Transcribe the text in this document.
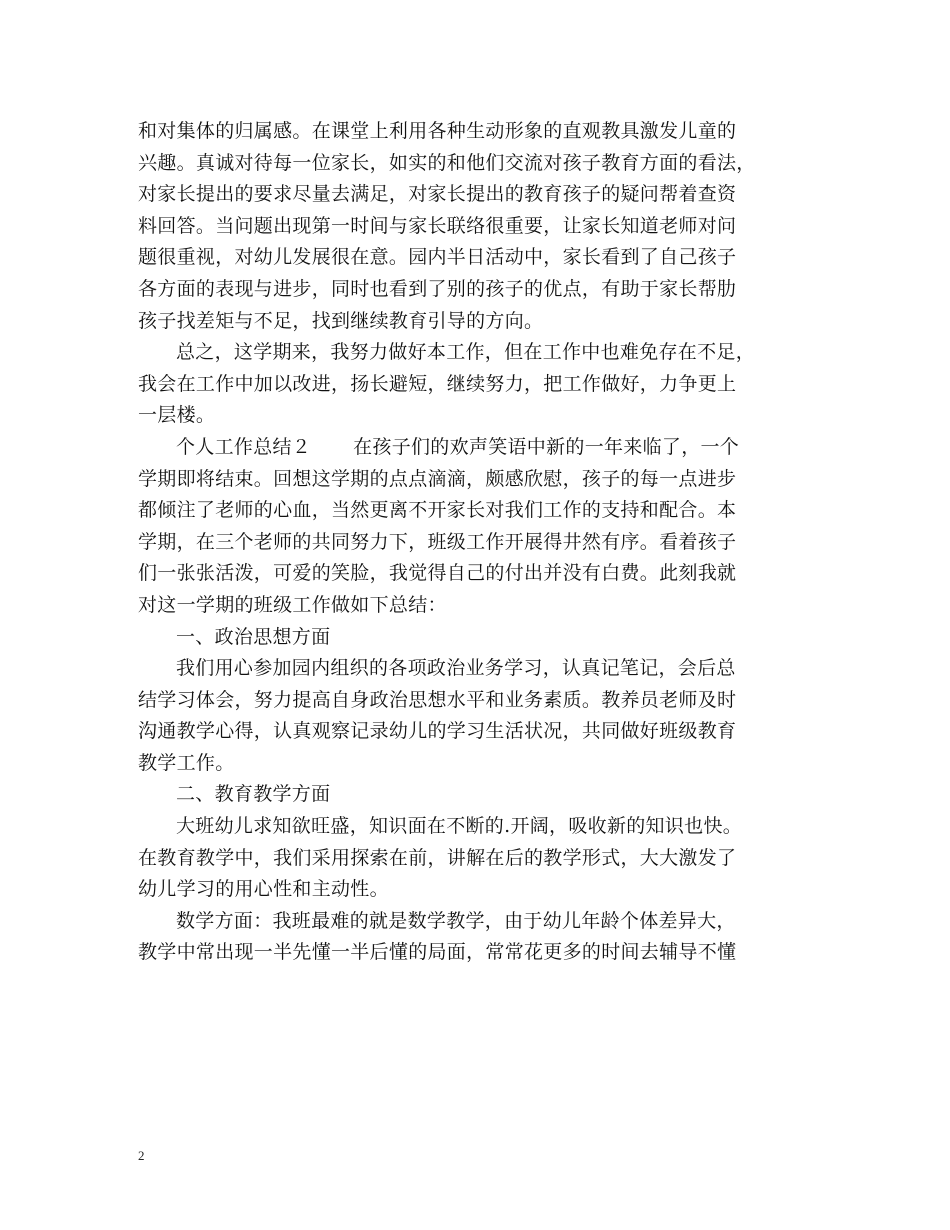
和对集体的归属感。在课堂上利用各种生动形象的直观教具激发儿童的
兴趣。真诚对待每一位家长，如实的和他们交流对孩子教育方面的看法，
对家长提出的要求尽量去满足，对家长提出的教育孩子的疑问帮着查资
料回答。当问题出现第一时间与家长联络很重要，让家长知道老师对问
题很重视，对幼儿发展很在意。园内半日活动中，家长看到了自己孩子
各方面的表现与进步，同时也看到了别的孩子的优点，有助于家长帮肋
孩子找差矩与不足，找到继续教育引导的方向。
总之，这学期来，我努力做好本工作，但在工作中也难免存在不足，
我会在工作中加以改进，扬长避短，继续努力，把工作做好，力争更上
一层楼。
个人工作总结２ 在孩子们的欢声笑语中新的一年来临了，一个
学期即将结束。回想这学期的点点滴滴，颇感欣慰，孩子的每一点进步
都倾注了老师的心血，当然更离不开家长对我们工作的支持和配合。本
学期，在三个老师的共同努力下，班级工作开展得井然有序。看着孩子
们一张张活泼，可爱的笑脸，我觉得自己的付出并没有白费。此刻我就
对这一学期的班级工作做如下总结：
一、政治思想方面
我们用心参加园内组织的各项政治业务学习，认真记笔记，会后总
结学习体会，努力提高自身政治思想水平和业务素质。教养员老师及时
沟通教学心得，认真观察记录幼儿的学习生活状况，共同做好班级教育
教学工作。
二、教育教学方面
大班幼儿求知欲旺盛，知识面在不断的.开阔，吸收新的知识也快。
在教育教学中，我们采用探索在前，讲解在后的教学形式，大大激发了
幼儿学习的用心性和主动性。
数学方面：我班最难的就是数学教学，由于幼儿年龄个体差异大，
教学中常出现一半先懂一半后懂的局面，常常花更多的时间去辅导不懂
2
